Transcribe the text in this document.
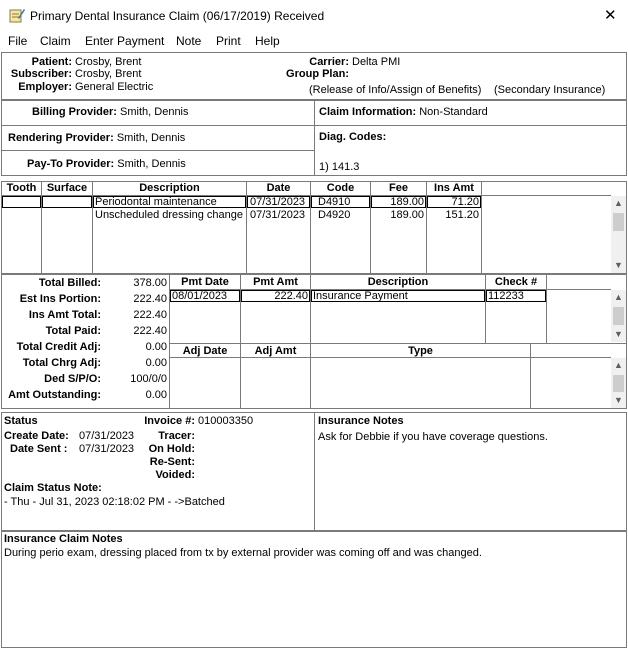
Primary Dental Insurance Claim (06/17/2019) Received	✕
File Claim Enter Payment Note Print Help
Patient: Crosby, Brent
Subscriber: Crosby, Brent
Employer: General Electric
Carrier: Delta PMI
Group Plan:
(Release of Info/Assign of Benefits) (Secondary Insurance)
Billing Provider: Smith, Dennis
Rendering Provider: Smith, Dennis
Pay-To Provider: Smith, Dennis
Claim Information: Non-Standard
Diag. Codes:
1) 141.3
Tooth Surface	Description	Date	Code	Fee	Ins Amt
Periodontal maintenance	07/31/2023 D4910	189.00	71.20
Unscheduled dressing change 07/31/2023 D4920	189.00	151.20
▲
▼
Total Billed:	378.00
Est Ins Portion:	222.40
Ins Amt Total:	222.40
Total Paid:	222.40
Total Credit Adj:	0.00
Total Chrg Adj:	0.00
Ded S/P/O:	100/0/0
Amt Outstanding:	0.00
Pmt Date	Pmt Amt	Description	Check #
08/01/2023	222.40 Insurance Payment	112233	▲
▼
Adj Date	Adj Amt	Type
▲
▼
Status	Invoice #: 010003350
Create Date: 07/31/2023	Tracer:
Date Sent : 07/31/2023	On Hold:
Re-Sent:
Voided:
Claim Status Note:
- Thu - Jul 31, 2023 02:18:02 PM - ->Batched
Insurance Notes
Ask for Debbie if you have coverage questions.
Insurance Claim Notes
During perio exam, dressing placed from tx by external provider was coming off and was changed.
